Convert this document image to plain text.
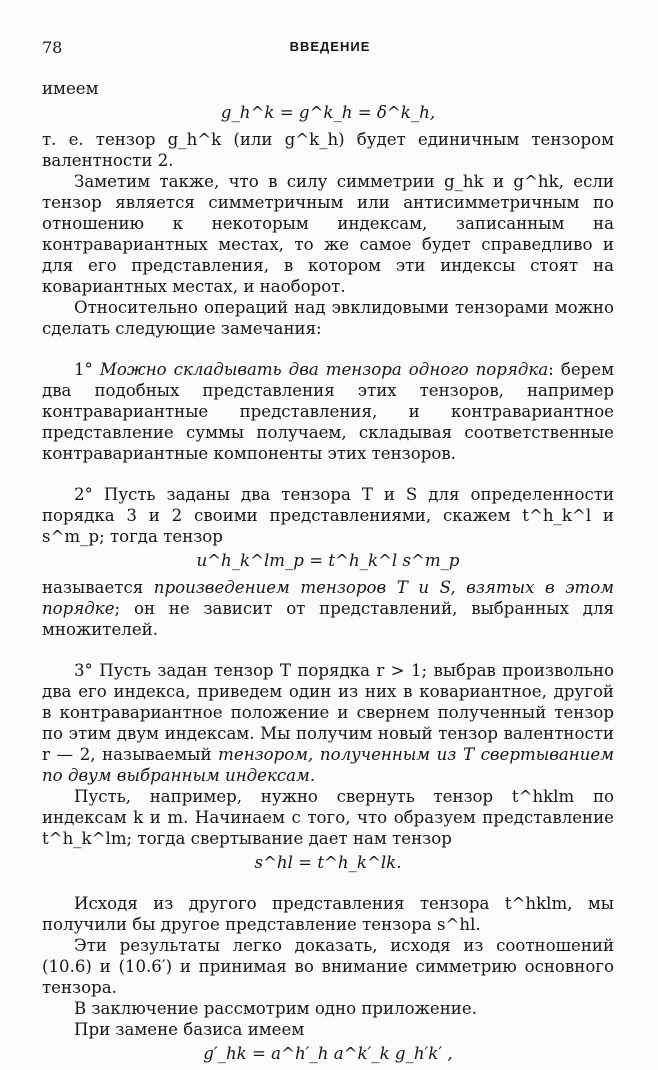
78	ВВЕДЕНИЕ

имеем

g_h^k = g^k_h = δ^k_h,

т. е. тензор g_h^k (или g^k_h) будет единичным тензором валентности 2.

Заметим также, что в силу симметрии g_hk и g^hk, если тензор является симметричным или антисимметричным по отношению к некоторым индексам, записанным на контравариантных местах, то же самое будет справедливо и для его представления, в котором эти индексы стоят на ковариантных местах, и наоборот.

Относительно операций над эвклидовыми тензорами можно сделать следующие замечания:

1° Можно складывать два тензора одного порядка: берем два подобных представления этих тензоров, например контравариантные представления, и контравариантное представление суммы получаем, складывая соответственные контравариантные компоненты этих тензоров.

2° Пусть заданы два тензора T и S для определенности порядка 3 и 2 своими представлениями, скажем t^h_k^l и s^m_p; тогда тензор

u^h_k^lm_p = t^h_k^l s^m_p

называется произведением тензоров T и S, взятых в этом порядке; он не зависит от представлений, выбранных для множителей.

3° Пусть задан тензор T порядка r > 1; выбрав произвольно два его индекса, приведем один из них в ковариантное, другой в контравариантное положение и свернем полученный тензор по этим двум индексам. Мы получим новый тензор валентности r — 2, называемый тензором, полученным из T свертыванием по двум выбранным индексам.

Пусть, например, нужно свернуть тензор t^hklm по индексам k и m. Начинаем с того, что образуем представление t^h_k^lm; тогда свертывание дает нам тензор

s^hl = t^h_k^lk.

Исходя из другого представления тензора t^hklm, мы получили бы другое представление тензора s^hl.

Эти результаты легко доказать, исходя из соотношений (10.6) и (10.6′) и принимая во внимание симметрию основного тензора.

В заключение рассмотрим одно приложение.

При замене базиса имеем

g′_hk = a^h′_h a^k′_k g_h′k′ ,
